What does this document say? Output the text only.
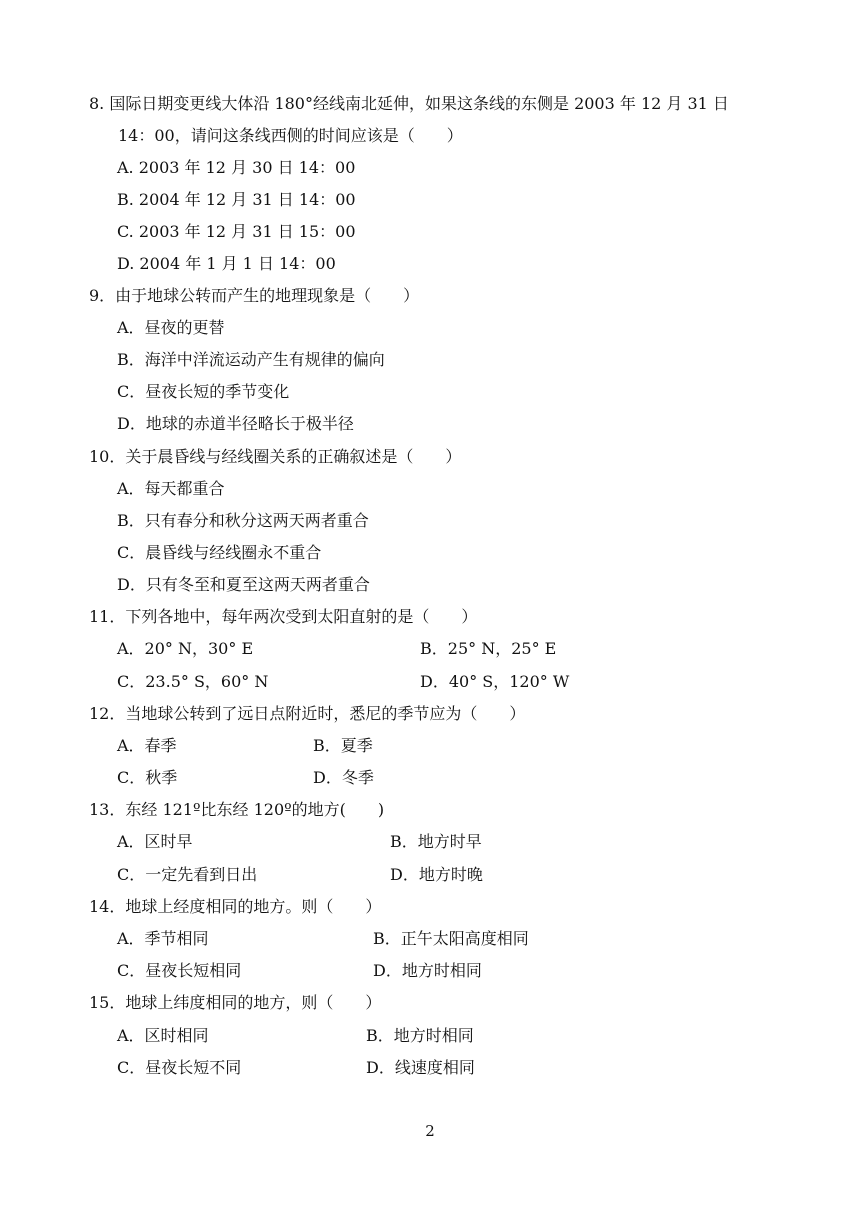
8. 国际日期变更线大体沿 180°经线南北延伸，如果这条线的东侧是 2003 年 12 月 31 日
14：00，请问这条线西侧的时间应该是（　　）
A. 2003 年 12 月 30 日 14：00
B. 2004 年 12 月 31 日 14：00
C. 2003 年 12 月 31 日 15：00
D. 2004 年 1 月 1 日 14：00
9．由于地球公转而产生的地理现象是（　　）
A．昼夜的更替
B．海洋中洋流运动产生有规律的偏向
C．昼夜长短的季节变化
D．地球的赤道半径略长于极半径
10．关于晨昏线与经线圈关系的正确叙述是（　　）
A．每天都重合
B．只有春分和秋分这两天两者重合
C．晨昏线与经线圈永不重合
D．只有冬至和夏至这两天两者重合
11．下列各地中，每年两次受到太阳直射的是（　　）
A．20° N，30° E	B．25° N，25° E
C．23.5° S，60° N	D．40° S，120° W
12．当地球公转到了远日点附近时，悉尼的季节应为（　　）
A．春季	B．夏季
C．秋季	D．冬季
13．东经 121º比东经 120º的地方(　　)
A．区时早	B．地方时早
C．一定先看到日出	D．地方时晚
14．地球上经度相同的地方。则（　　）
A．季节相同	B．正午太阳高度相同
C．昼夜长短相同	D．地方时相同
15．地球上纬度相同的地方，则（　　）
A．区时相同	B．地方时相同
C．昼夜长短不同	D．线速度相同
2
